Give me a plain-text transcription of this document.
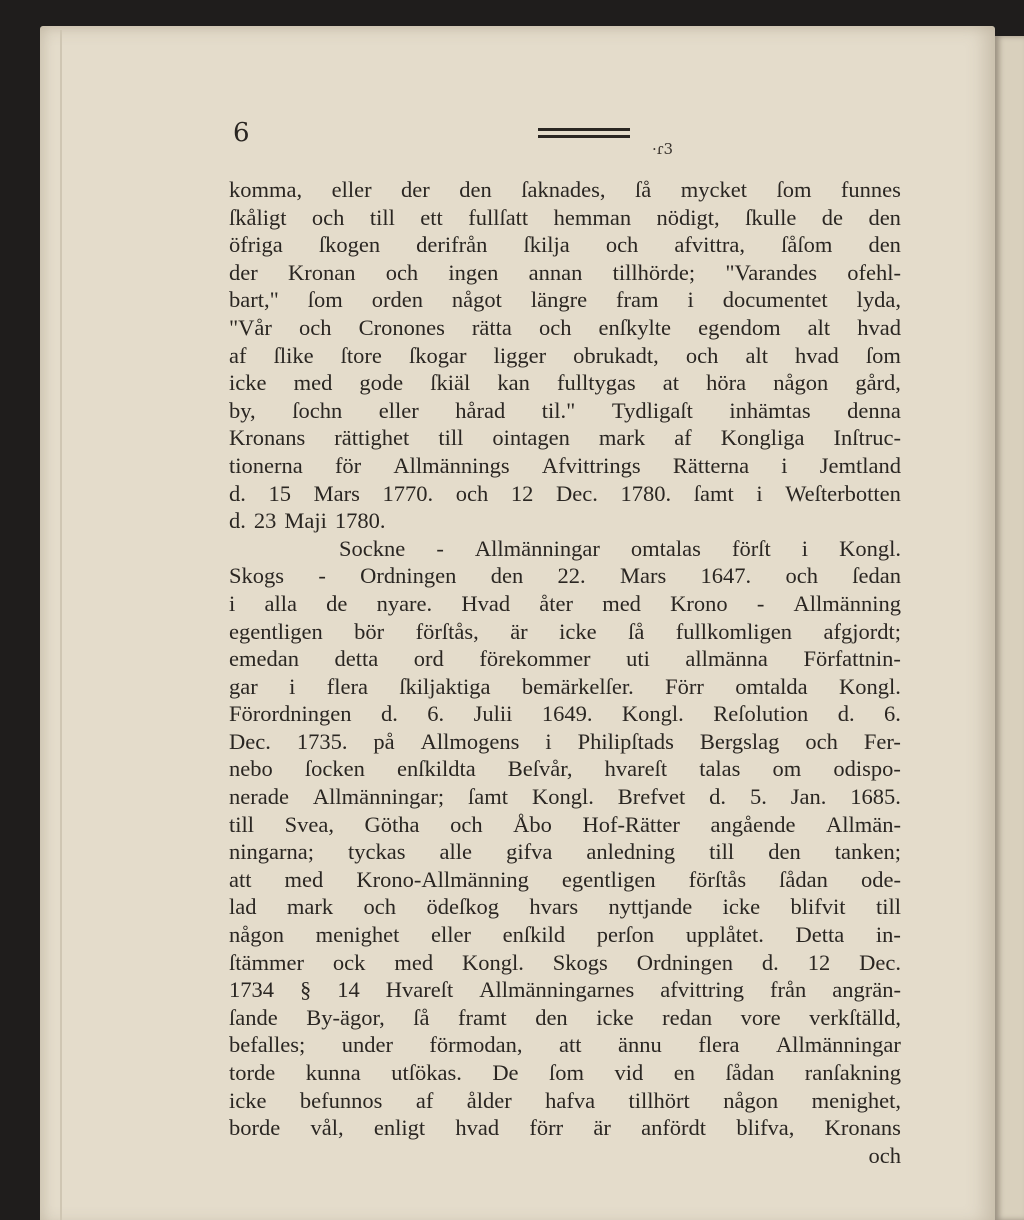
6
·ɾ3
komma, eller der den ſaknades, ſå mycket ſom funnes
ſkåligt och till ett fullſatt hemman nödigt, ſkulle de den
öfriga ſkogen derifrån ſkilja och afvittra, ſåſom den
der Kronan och ingen annan tillhörde; "Varandes ofehl-
bart," ſom orden något längre fram i documentet lyda,
"Vår och Cronones rätta och enſkylte egendom alt hvad
af ſlike ſtore ſkogar ligger obrukadt, och alt hvad ſom
icke med gode ſkiäl kan fulltygas at höra någon gård,
by, ſochn eller hårad til." Tydligaſt inhämtas denna
Kronans rättighet till ointagen mark af Kongliga Inſtruc-
tionerna för Allmännings Afvittrings Rätterna i Jemtland
d. 15 Mars 1770. och 12 Dec. 1780. ſamt i Weſterbotten
d. 23 Maji 1780.
Sockne - Allmänningar omtalas förſt i Kongl.
Skogs - Ordningen den 22. Mars 1647. och ſedan
i alla de nyare. Hvad åter med Krono - Allmänning
egentligen bör förſtås, är icke ſå fullkomligen afgjordt;
emedan detta ord förekommer uti allmänna Författnin-
gar i flera ſkiljaktiga bemärkelſer. Förr omtalda Kongl.
Förordningen d. 6. Julii 1649. Kongl. Reſolution d. 6.
Dec. 1735. på Allmogens i Philipſtads Bergslag och Fer-
nebo ſocken enſkildta Beſvår, hvareſt talas om odispo-
nerade Allmänningar; ſamt Kongl. Brefvet d. 5. Jan. 1685.
till Svea, Götha och Åbo Hof-Rätter angående Allmän-
ningarna; tyckas alle gifva anledning till den tanken;
att med Krono-Allmänning egentligen förſtås ſådan ode-
lad mark och ödeſkog hvars nyttjande icke blifvit till
någon menighet eller enſkild perſon upplåtet. Detta in-
ſtämmer ock med Kongl. Skogs Ordningen d. 12 Dec.
1734 § 14 Hvareſt Allmänningarnes afvittring från angrän-
ſande By-ägor, ſå framt den icke redan vore verkſtälld,
befalles; under förmodan, att ännu flera Allmänningar
torde kunna utſökas. De ſom vid en ſådan ranſakning
icke befunnos af ålder hafva tillhört någon menighet,
borde vål, enligt hvad förr är anfördt blifva, Kronans
och
